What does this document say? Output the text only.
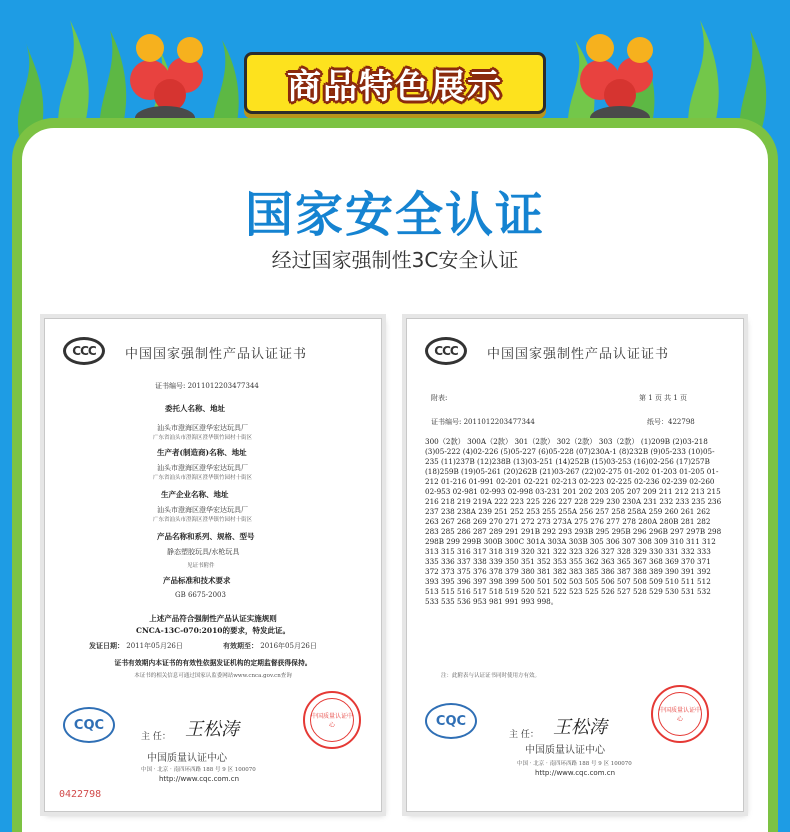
商品特色展示
国家安全认证
经过国家强制性3C安全认证
CCC	中国国家强制性产品认证证书
证书编号: 2011012203477344
委托人名称、地址
汕头市澄海区澄华宏达玩具厂
广东省汕头市澄海区澄华镇竹园村十街区
生产者(制造商)名称、地址
汕头市澄海区澄华宏达玩具厂
广东省汕头市澄海区澄华镇竹园村十街区
生产企业名称、地址
汕头市澄海区澄华宏达玩具厂
广东省汕头市澄海区澄华镇竹园村十街区
产品名称和系列、规格、型号
静态塑胶玩具/水枪玩具
见证书附件
产品标准和技术要求
GB 6675-2003
上述产品符合强制性产品认证实施规则
CNCA-13C-070:2010的要求，特发此证。
发证日期： 2011年05月26日	有效期至： 2016年05月26日
证书有效期内本证书的有效性依据发证机构的定期监督获得保持。
本证书的相关信息可通过国家认监委网站www.cnca.gov.cn查询
CQC
主 任： 王松涛
中国质量认证中心
中国质量认证中心
中国 · 北京 · 南四环西路 188 号 9 区 100070
http://www.cqc.com.cn
0422798
CCC	中国国家强制性产品认证证书
附表:	第 1 页 共 1 页
证书编号: 2011012203477344	纸号：422798
300（2款） 300A（2款） 301（2款） 302（2款） 303（2款） (1)209B (2)03-218 (3)05-222 (4)02-226 (5)05-227 (6)05-228 (07)230A-1 (8)232B (9)05-233 (10)05-235 (11)237B (12)238B (13)03-251 (14)252B (15)03-253 (16)02-256 (17)257B (18)259B (19)05-261 (20)262B (21)03-267 (22)02-275 01-202 01-203 01-205 01-212 01-216 01-991 02-201 02-221 02-213 02-223 02-225 02-236 02-239 02-260 02-953 02-981 02-993 02-998 03-231 201 202 203 205 207 209 211 212 213 215 216 218 219 219A 222 223 225 226 227 228 229 230 230A 231 232 233 235 236 237 238 238A 239 251 252 253 255 255A 256 257 258 258A 259 260 261 262 263 267 268 269 270 271 272 273 273A 275 276 277 278 280A 280B 281 282 283 285 286 287 289 291 291B 292 293 293B 295 295B 296 296B 297 297B 298 298B 299 299B 300B 300C 301A 303A 303B 305 306 307 308 309 310 311 312 313 315 316 317 318 319 320 321 322 323 326 327 328 329 330 331 332 333 335 336 337 338 339 350 351 352 353 355 362 363 365 367 368 369 370 371 372 373 375 376 378 379 380 381 382 383 385 386 387 388 389 390 391 392 393 395 396 397 398 399 500 501 502 503 505 506 507 508 509 510 511 512 513 515 516 517 518 519 520 521 522 523 525 526 527 528 529 530 531 532 533 535 536 953 981 991 993 998。
注：此附表与认证证书同时使用方有效。
CQC
主 任： 王松涛
中国质量认证中心
中国质量认证中心
中国 · 北京 · 南四环西路 188 号 9 区 100070
http://www.cqc.com.cn
